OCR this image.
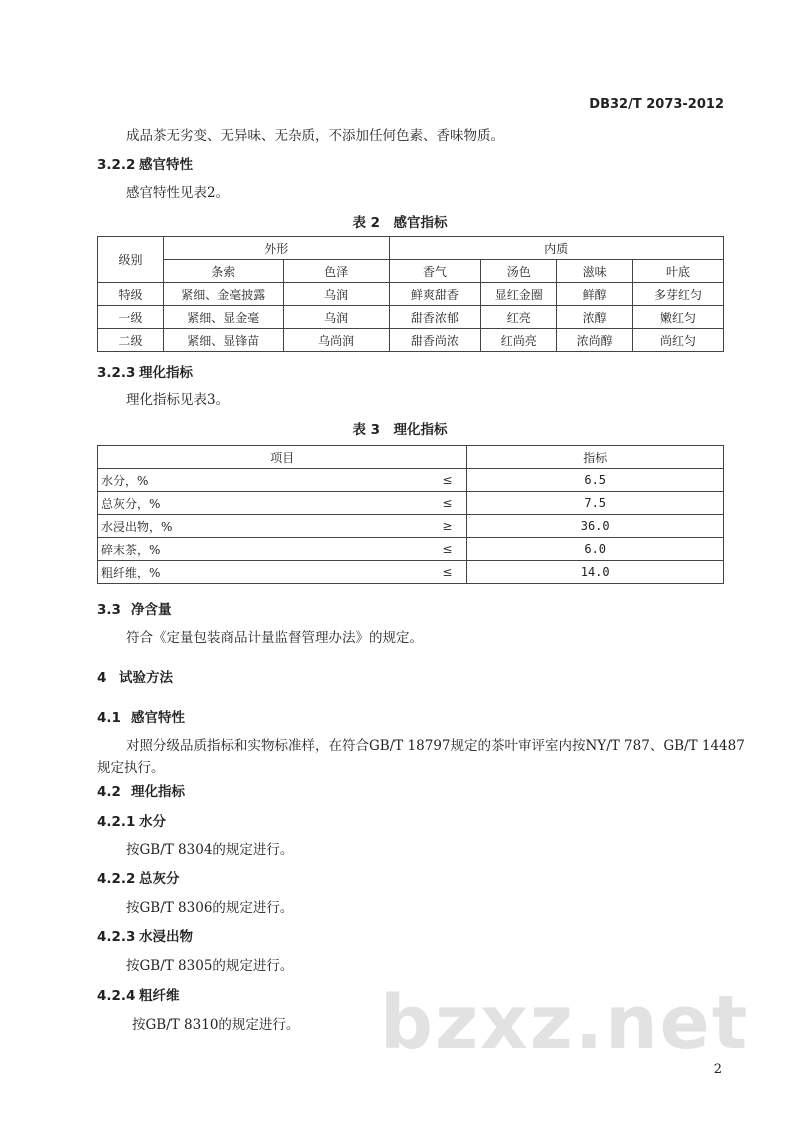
DB32/T 2073-2012
成品茶无劣变、无异味、无杂质，不添加任何色素、香味物质。
3.2.2 感官特性
感官特性见表2。
表 2　感官指标
级别	外形		内质			
	条索	色泽	香气	汤色	滋味	叶底
特级	紧细、金毫披露	乌润	鲜爽甜香	显红金圈	鲜醇	多芽红匀
一级	紧细、显金毫	乌润	甜香浓郁	红亮	浓醇	嫩红匀
二级	紧细、显锋苗	乌尚润	甜香尚浓	红尚亮	浓尚醇	尚红匀
3.2.3 理化指标
理化指标见表3。
表 3　理化指标
项目		指标
水分，%	≤	6.5
总灰分，%	≤	7.5
水浸出物，%	≥	36.0
碎末茶，%	≤	6.0
粗纤维，%	≤	14.0
3.3 净含量
符合《定量包装商品计量监督管理办法》的规定。
4 试验方法
4.1 感官特性
对照分级品质指标和实物标准样，在符合GB/T 18797规定的茶叶审评室内按NY/T 787、GB/T 14487
规定执行。
4.2 理化指标
4.2.1 水分
按GB/T 8304的规定进行。
4.2.2 总灰分
按GB/T 8306的规定进行。
4.2.3 水浸出物
按GB/T 8305的规定进行。
4.2.4 粗纤维
按GB/T 8310的规定进行。 bzxz.net
2
